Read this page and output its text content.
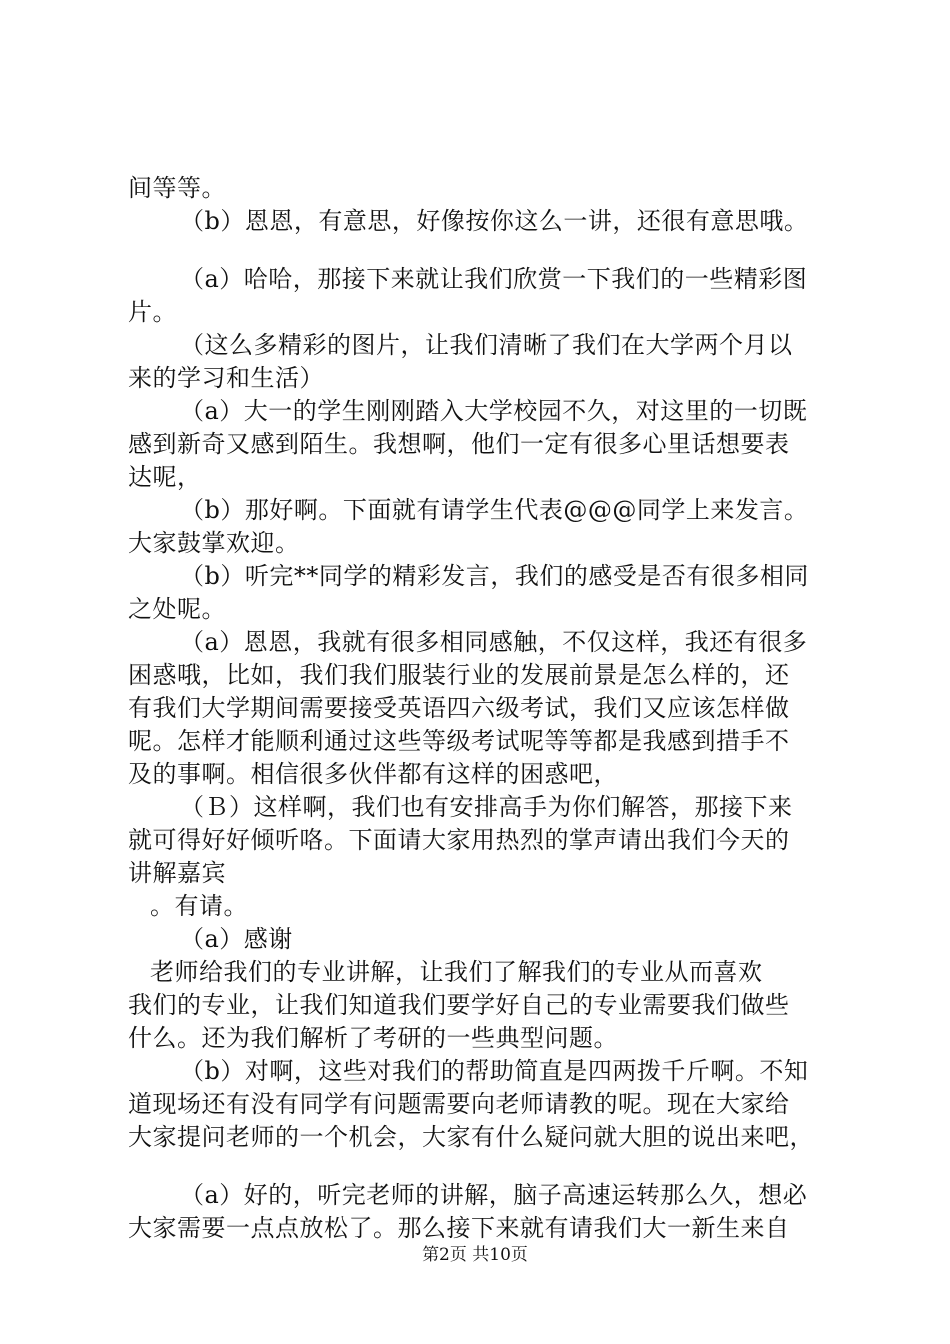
间等等。
（b）恩恩，有意思，好像按你这么一讲，还很有意思哦。
（a）哈哈，那接下来就让我们欣赏一下我们的一些精彩图
片。
（这么多精彩的图片，让我们清晰了我们在大学两个月以
来的学习和生活）
（a）大一的学生刚刚踏入大学校园不久，对这里的一切既
感到新奇又感到陌生。我想啊，他们一定有很多心里话想要表
达呢，
（b）那好啊。下面就有请学生代表@@@同学上来发言。
大家鼓掌欢迎。
（b）听完**同学的精彩发言，我们的感受是否有很多相同
之处呢。
（a）恩恩，我就有很多相同感触，不仅这样，我还有很多
困惑哦，比如，我们我们服装行业的发展前景是怎么样的，还
有我们大学期间需要接受英语四六级考试，我们又应该怎样做
呢。怎样才能顺利通过这些等级考试呢等等都是我感到措手不
及的事啊。相信很多伙伴都有这样的困惑吧，
（Ｂ）这样啊，我们也有安排高手为你们解答，那接下来
就可得好好倾听咯。下面请大家用热烈的掌声请出我们今天的
讲解嘉宾
。有请。
（a）感谢
老师给我们的专业讲解，让我们了解我们的专业从而喜欢
我们的专业，让我们知道我们要学好自己的专业需要我们做些
什么。还为我们解析了考研的一些典型问题。
（b）对啊，这些对我们的帮助简直是四两拨千斤啊。不知
道现场还有没有同学有问题需要向老师请教的呢。现在大家给
大家提问老师的一个机会，大家有什么疑问就大胆的说出来吧，
（a）好的，听完老师的讲解，脑子高速运转那么久，想必
大家需要一点点放松了。那么接下来就有请我们大一新生来自
第2页 共10页
